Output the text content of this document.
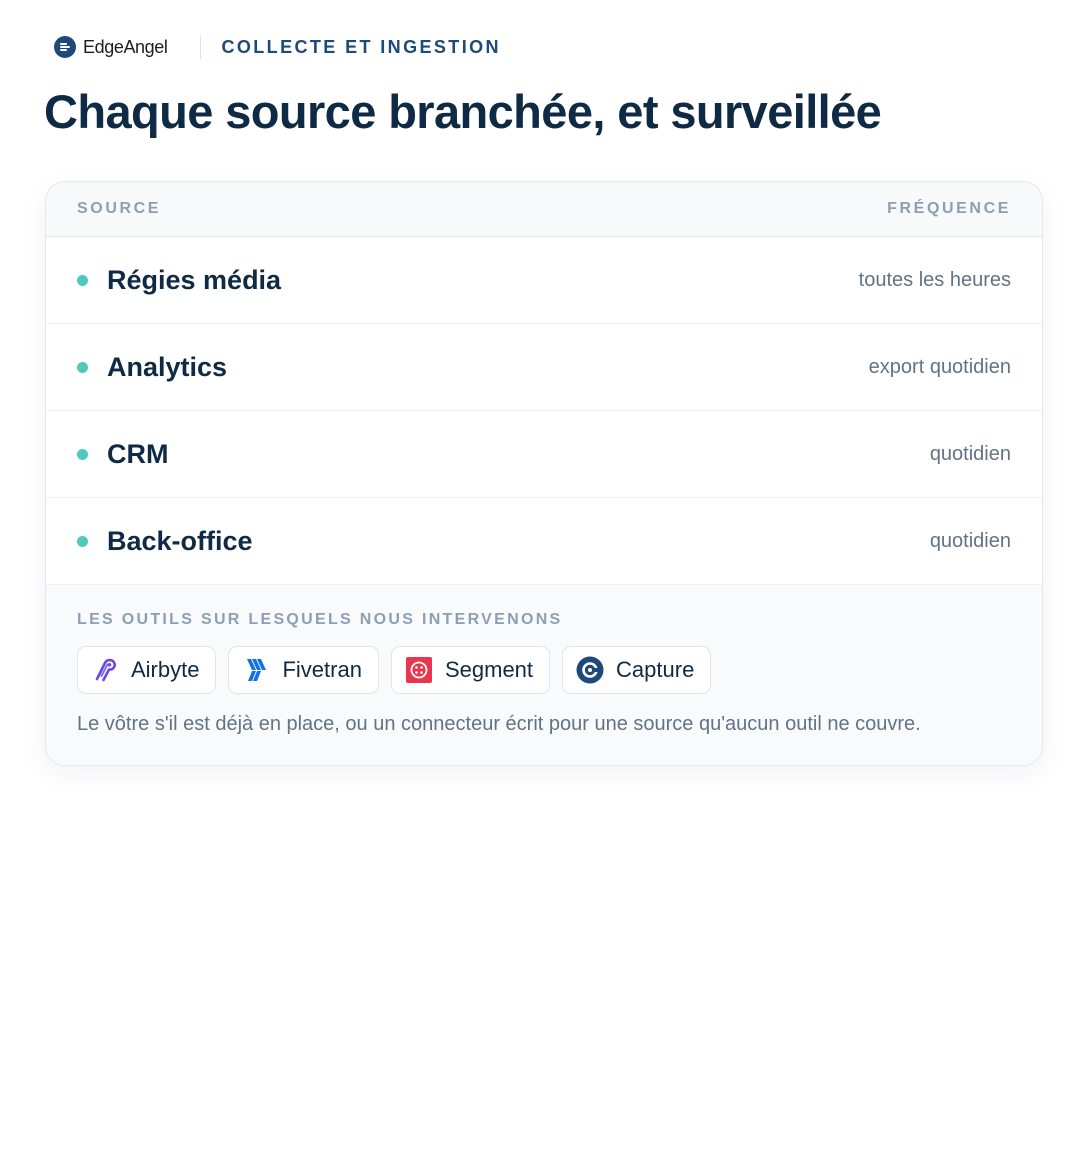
EdgeAngel	COLLECTE ET INGESTION
Chaque source branchée, et surveillée
SOURCE	FRÉQUENCE
Régies média	toutes les heures
Analytics	export quotidien
CRM	quotidien
Back-office	quotidien
LES OUTILS SUR LESQUELS NOUS INTERVENONS
Airbyte	Fivetran	Segment	Capture

Le vôtre s'il est déjà en place, ou un connecteur écrit pour une source qu'aucun outil ne couvre.
